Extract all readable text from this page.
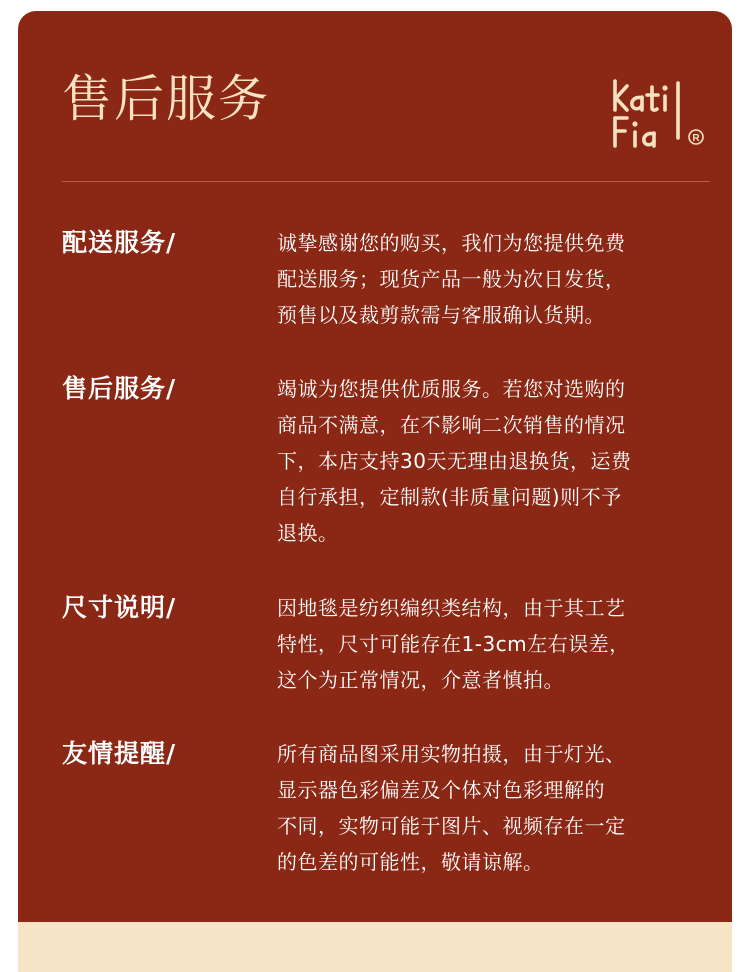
售后服务
R
配送服务/	诚挚感谢您的购买，我们为您提供免费
配送服务；现货产品一般为次日发货，
预售以及裁剪款需与客服确认货期。

售后服务/	竭诚为您提供优质服务。若您对选购的
商品不满意，在不影响二次销售的情况
下，本店支持30天无理由退换货，运费
自行承担，定制款(非质量问题)则不予
退换。

尺寸说明/	因地毯是纺织编织类结构，由于其工艺
特性，尺寸可能存在1-3cm左右误差，
这个为正常情况，介意者慎拍。

友情提醒/	所有商品图采用实物拍摄，由于灯光、
显示器色彩偏差及个体对色彩理解的
不同，实物可能于图片、视频存在一定
的色差的可能性，敬请谅解。
